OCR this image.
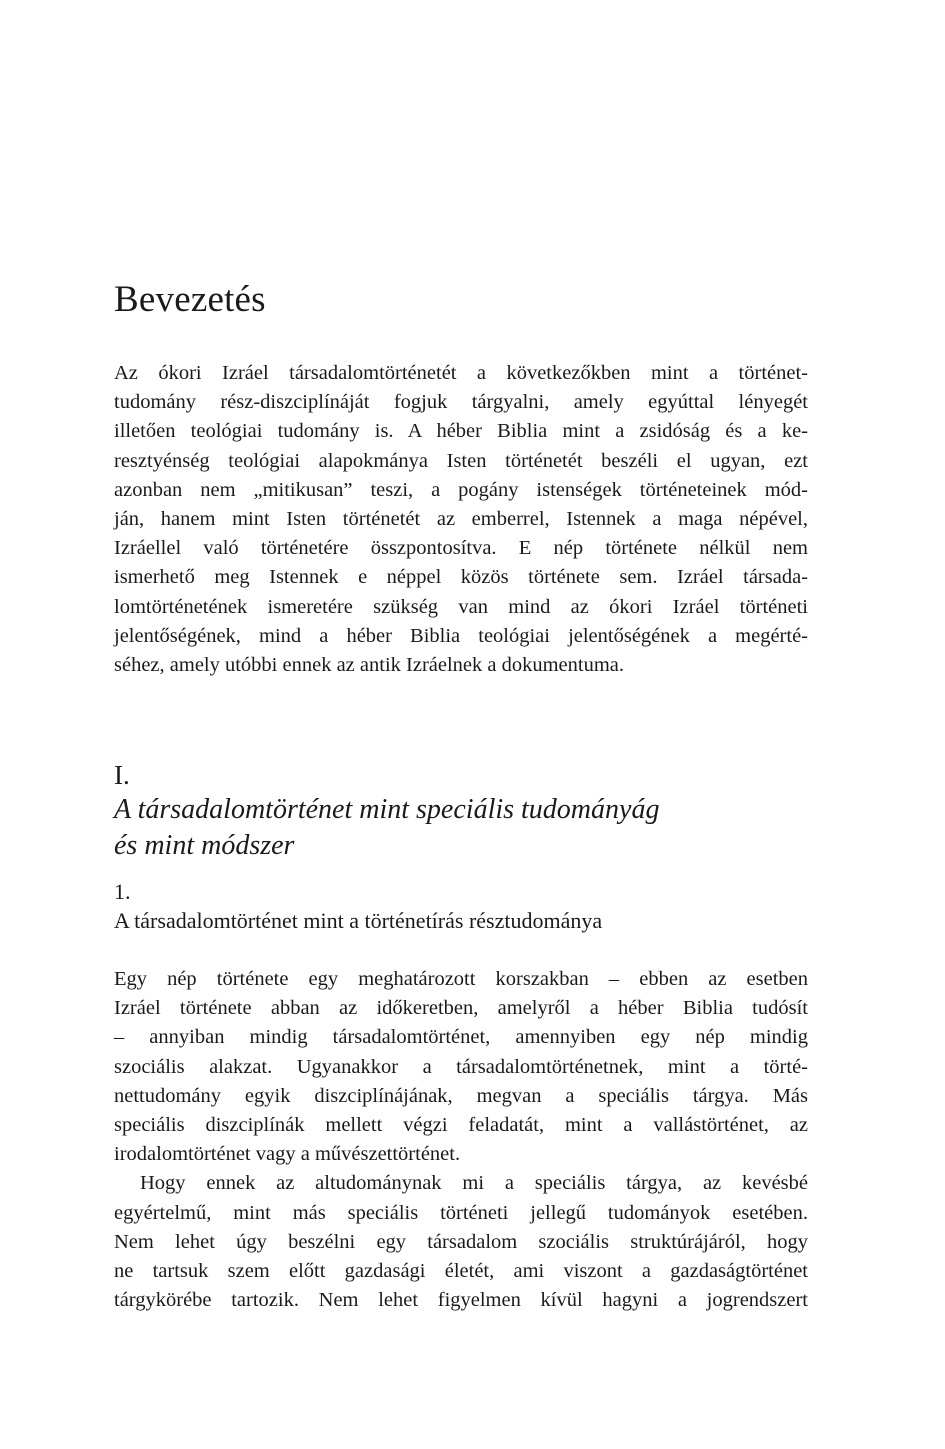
Bevezetés

Az ókori Izráel társadalomtörténetét a következőkben mint a történet-
tudomány rész-diszciplínáját fogjuk tárgyalni, amely egyúttal lényegét
illetően teológiai tudomány is. A héber Biblia mint a zsidóság és a ke-
resztyénség teológiai alapokmánya Isten történetét beszéli el ugyan, ezt
azonban nem „mitikusan” teszi, a pogány istenségek történeteinek mód-
ján, hanem mint Isten történetét az emberrel, Istennek a maga népével,
Izráellel való történetére összpontosítva. E nép története nélkül nem
ismerhető meg Istennek e néppel közös története sem. Izráel társada-
lomtörténetének ismeretére szükség van mind az ókori Izráel történeti
jelentőségének, mind a héber Biblia teológiai jelentőségének a megérté-
séhez, amely utóbbi ennek az antik Izráelnek a dokumentuma.

I.
A társadalomtörténet mint speciális tudományág
és mint módszer
1.
A társadalomtörténet mint a történetírás résztudománya

Egy nép története egy meghatározott korszakban – ebben az esetben
Izráel története abban az időkeretben, amelyről a héber Biblia tudósít
– annyiban mindig társadalomtörténet, amennyiben egy nép mindig
szociális alakzat. Ugyanakkor a társadalomtörténetnek, mint a törté-
nettudomány egyik diszciplínájának, megvan a speciális tárgya. Más
speciális diszciplínák mellett végzi feladatát, mint a vallástörténet, az
irodalomtörténet vagy a művészettörténet.
Hogy ennek az altudománynak mi a speciális tárgya, az kevésbé
egyértelmű, mint más speciális történeti jellegű tudományok esetében.
Nem lehet úgy beszélni egy társadalom szociális struktúrájáról, hogy
ne tartsuk szem előtt gazdasági életét, ami viszont a gazdaságtörténet
tárgykörébe tartozik. Nem lehet figyelmen kívül hagyni a jogrendszert
